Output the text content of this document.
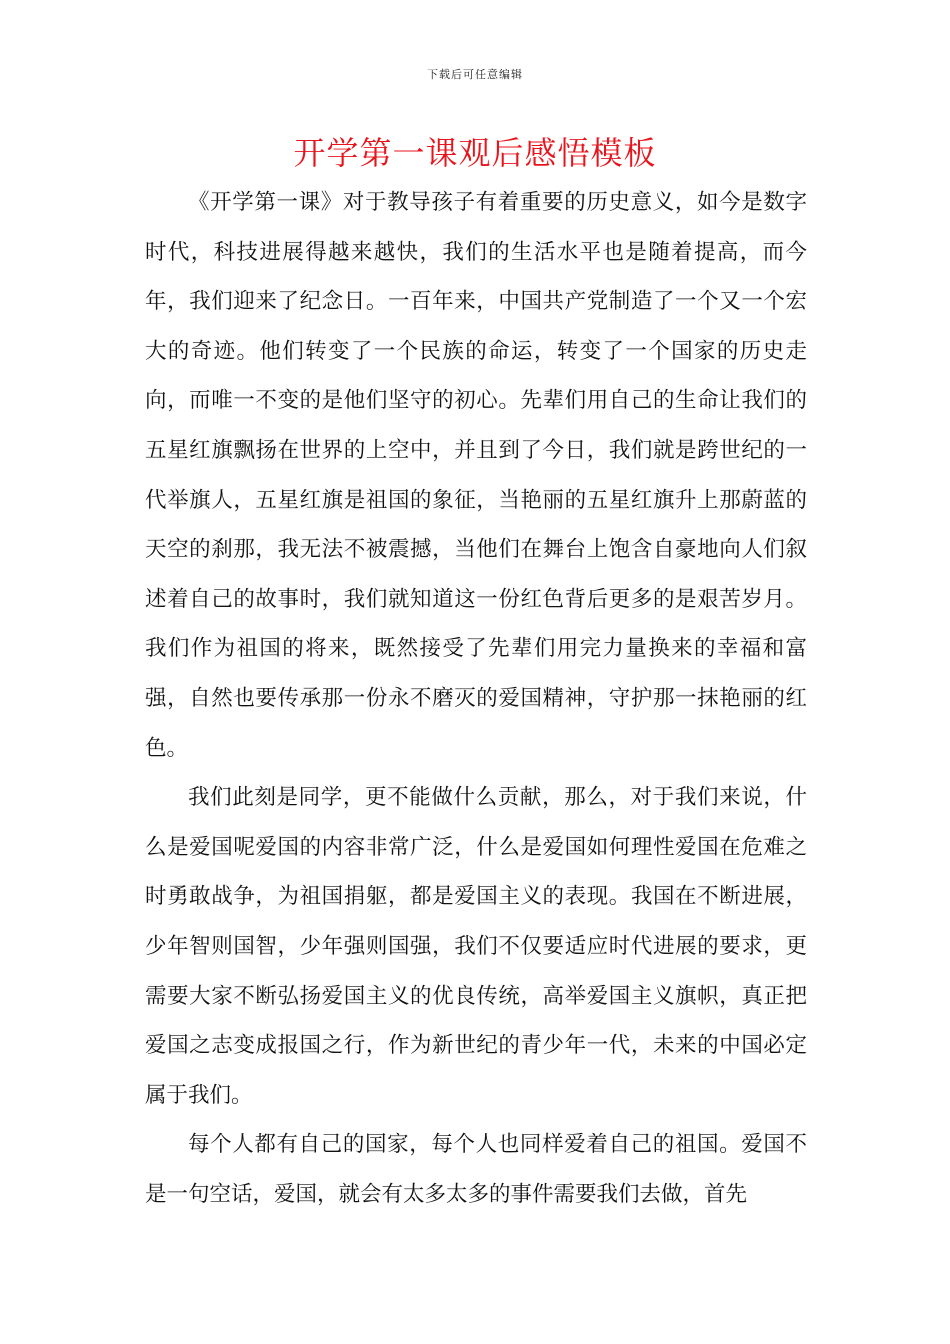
下载后可任意编辑
开学第一课观后感悟模板

《开学第一课》对于教导孩子有着重要的历史意义，如今是数字时代，科技进展得越来越快，我们的生活水平也是随着提高，而今年，我们迎来了纪念日。一百年来，中国共产党制造了一个又一个宏大的奇迹。他们转变了一个民族的命运，转变了一个国家的历史走向，而唯一不变的是他们坚守的初心。先辈们用自己的生命让我们的五星红旗飘扬在世界的上空中，并且到了今日，我们就是跨世纪的一代举旗人，五星红旗是祖国的象征，当艳丽的五星红旗升上那蔚蓝的天空的刹那，我无法不被震撼，当他们在舞台上饱含自豪地向人们叙述着自己的故事时，我们就知道这一份红色背后更多的是艰苦岁月。我们作为祖国的将来，既然接受了先辈们用完力量换来的幸福和富强，自然也要传承那一份永不磨灭的爱国精神，守护那一抹艳丽的红色。

我们此刻是同学，更不能做什么贡献，那么，对于我们来说，什么是爱国呢爱国的内容非常广泛，什么是爱国如何理性爱国在危难之时勇敢战争，为祖国捐躯，都是爱国主义的表现。我国在不断进展，少年智则国智，少年强则国强，我们不仅要适应时代进展的要求，更需要大家不断弘扬爱国主义的优良传统，高举爱国主义旗帜，真正把爱国之志变成报国之行，作为新世纪的青少年一代，未来的中国必定属于我们。

每个人都有自己的国家，每个人也同样爱着自己的祖国。爱国不是一句空话，爱国，就会有太多太多的事件需要我们去做，首先
